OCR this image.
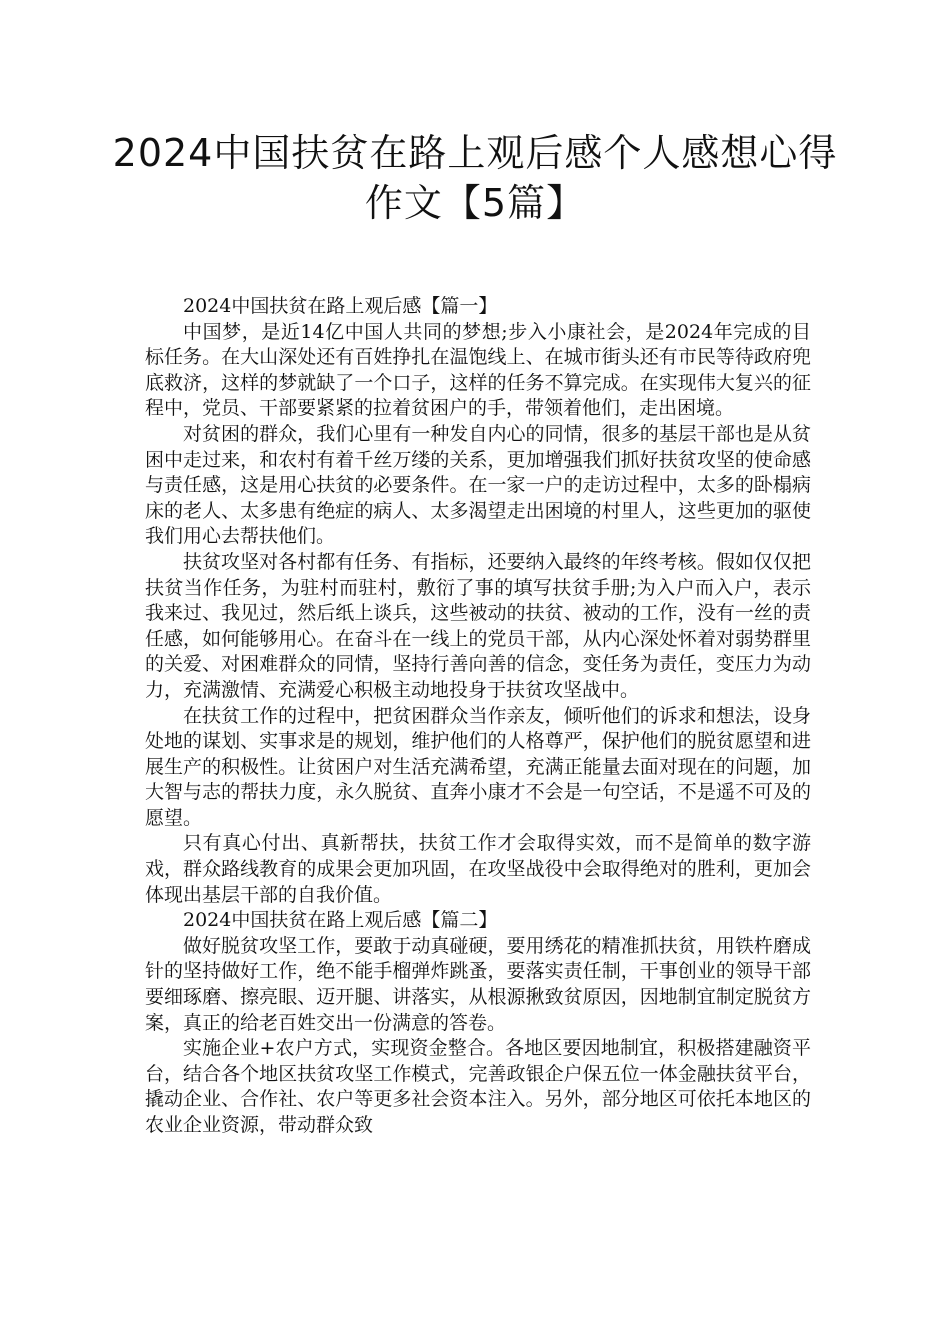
2024中国扶贫在路上观后感个人感想心得作文【5篇】

2024中国扶贫在路上观后感【篇一】

中国梦，是近14亿中国人共同的梦想;步入小康社会，是2024年完成的目标任务。在大山深处还有百姓挣扎在温饱线上、在城市街头还有市民等待政府兜底救济，这样的梦就缺了一个口子，这样的任务不算完成。在实现伟大复兴的征程中，党员、干部要紧紧的拉着贫困户的手，带领着他们，走出困境。

对贫困的群众，我们心里有一种发自内心的同情，很多的基层干部也是从贫困中走过来，和农村有着千丝万缕的关系，更加增强我们抓好扶贫攻坚的使命感与责任感，这是用心扶贫的必要条件。在一家一户的走访过程中，太多的卧榻病床的老人、太多患有绝症的病人、太多渴望走出困境的村里人，这些更加的驱使我们用心去帮扶他们。

扶贫攻坚对各村都有任务、有指标，还要纳入最终的年终考核。假如仅仅把扶贫当作任务，为驻村而驻村，敷衍了事的填写扶贫手册;为入户而入户，表示我来过、我见过，然后纸上谈兵，这些被动的扶贫、被动的工作，没有一丝的责任感，如何能够用心。在奋斗在一线上的党员干部，从内心深处怀着对弱势群里的关爱、对困难群众的同情，坚持行善向善的信念，变任务为责任，变压力为动力，充满激情、充满爱心积极主动地投身于扶贫攻坚战中。

在扶贫工作的过程中，把贫困群众当作亲友，倾听他们的诉求和想法，设身处地的谋划、实事求是的规划，维护他们的人格尊严，保护他们的脱贫愿望和进展生产的积极性。让贫困户对生活充满希望，充满正能量去面对现在的问题，加大智与志的帮扶力度，永久脱贫、直奔小康才不会是一句空话，不是遥不可及的愿望。

只有真心付出、真新帮扶，扶贫工作才会取得实效，而不是简单的数字游戏，群众路线教育的成果会更加巩固，在攻坚战役中会取得绝对的胜利，更加会体现出基层干部的自我价值。

2024中国扶贫在路上观后感【篇二】

做好脱贫攻坚工作，要敢于动真碰硬，要用绣花的精准抓扶贫，用铁杵磨成针的坚持做好工作，绝不能手榴弹炸跳蚤，要落实责任制，干事创业的领导干部要细琢磨、擦亮眼、迈开腿、讲落实，从根源揪致贫原因，因地制宜制定脱贫方案，真正的给老百姓交出一份满意的答卷。

实施企业+农户方式，实现资金整合。各地区要因地制宜，积极搭建融资平台，结合各个地区扶贫攻坚工作模式，完善政银企户保五位一体金融扶贫平台，撬动企业、合作社、农户等更多社会资本注入。另外，部分地区可依托本地区的农业企业资源，带动群众致
